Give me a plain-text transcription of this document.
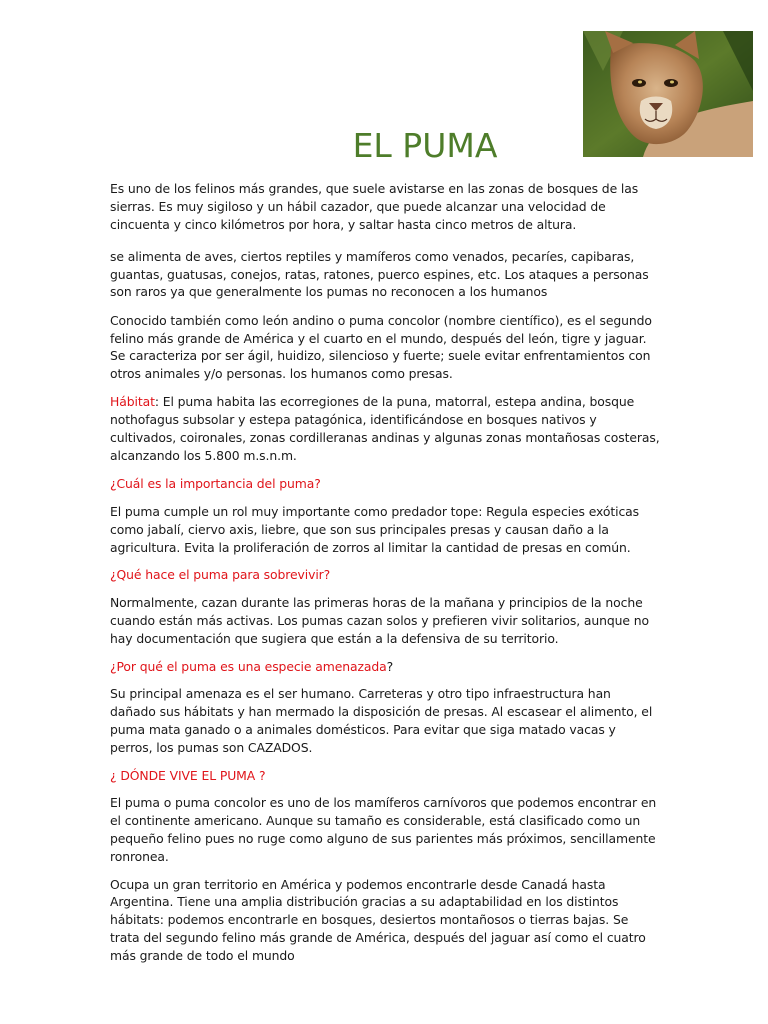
EL PUMA

Es uno de los felinos más grandes, que suele avistarse en las zonas de bosques de las sierras. Es muy sigiloso y un hábil cazador, que puede alcanzar una velocidad de cincuenta y cinco kilómetros por hora, y saltar hasta cinco metros de altura.

se alimenta de aves, ciertos reptiles y mamíferos como venados, pecaríes, capibaras, guantas, guatusas, conejos, ratas, ratones, puerco espines, etc. Los ataques a personas son raros ya que generalmente los pumas no reconocen a los humanos

Conocido también como león andino o puma concolor (nombre científico), es el segundo felino más grande de América y el cuarto en el mundo, después del león, tigre y jaguar. Se caracteriza por ser ágil, huidizo, silencioso y fuerte; suele evitar enfrentamientos con otros animales y/o personas. los humanos como presas.

Hábitat: El puma habita las ecorregiones de la puna, matorral, estepa andina, bosque nothofagus subsolar y estepa patagónica, identificándose en bosques nativos y cultivados, coironales, zonas cordilleranas andinas y algunas zonas montañosas costeras, alcanzando los 5.800 m.s.n.m.

¿Cuál es la importancia del puma?

El puma cumple un rol muy importante como predador tope: Regula especies exóticas como jabalí, ciervo axis, liebre, que son sus principales presas y causan daño a la agricultura. Evita la proliferación de zorros al limitar la cantidad de presas en común.

¿Qué hace el puma para sobrevivir?

Normalmente, cazan durante las primeras horas de la mañana y principios de la noche cuando están más activas. Los pumas cazan solos y prefieren vivir solitarios, aunque no hay documentación que sugiera que están a la defensiva de su territorio.

¿Por qué el puma es una especie amenazada?

Su principal amenaza es el ser humano. Carreteras y otro tipo infraestructura han dañado sus hábitats y han mermado la disposición de presas. Al escasear el alimento, el puma mata ganado o a animales domésticos. Para evitar que siga matado vacas y perros, los pumas son CAZADOS.

¿ DÓNDE VIVE EL PUMA ?

El puma o puma concolor es uno de los mamíferos carnívoros que podemos encontrar en el continente americano. Aunque su tamaño es considerable, está clasificado como un pequeño felino pues no ruge como alguno de sus parientes más próximos, sencillamente ronronea.

Ocupa un gran territorio en América y podemos encontrarle desde Canadá hasta Argentina. Tiene una amplia distribución gracias a su adaptabilidad en los distintos hábitats: podemos encontrarle en bosques, desiertos montañosos o tierras bajas. Se trata del segundo felino más grande de América, después del jaguar así como el cuatro más grande de todo el mundo
